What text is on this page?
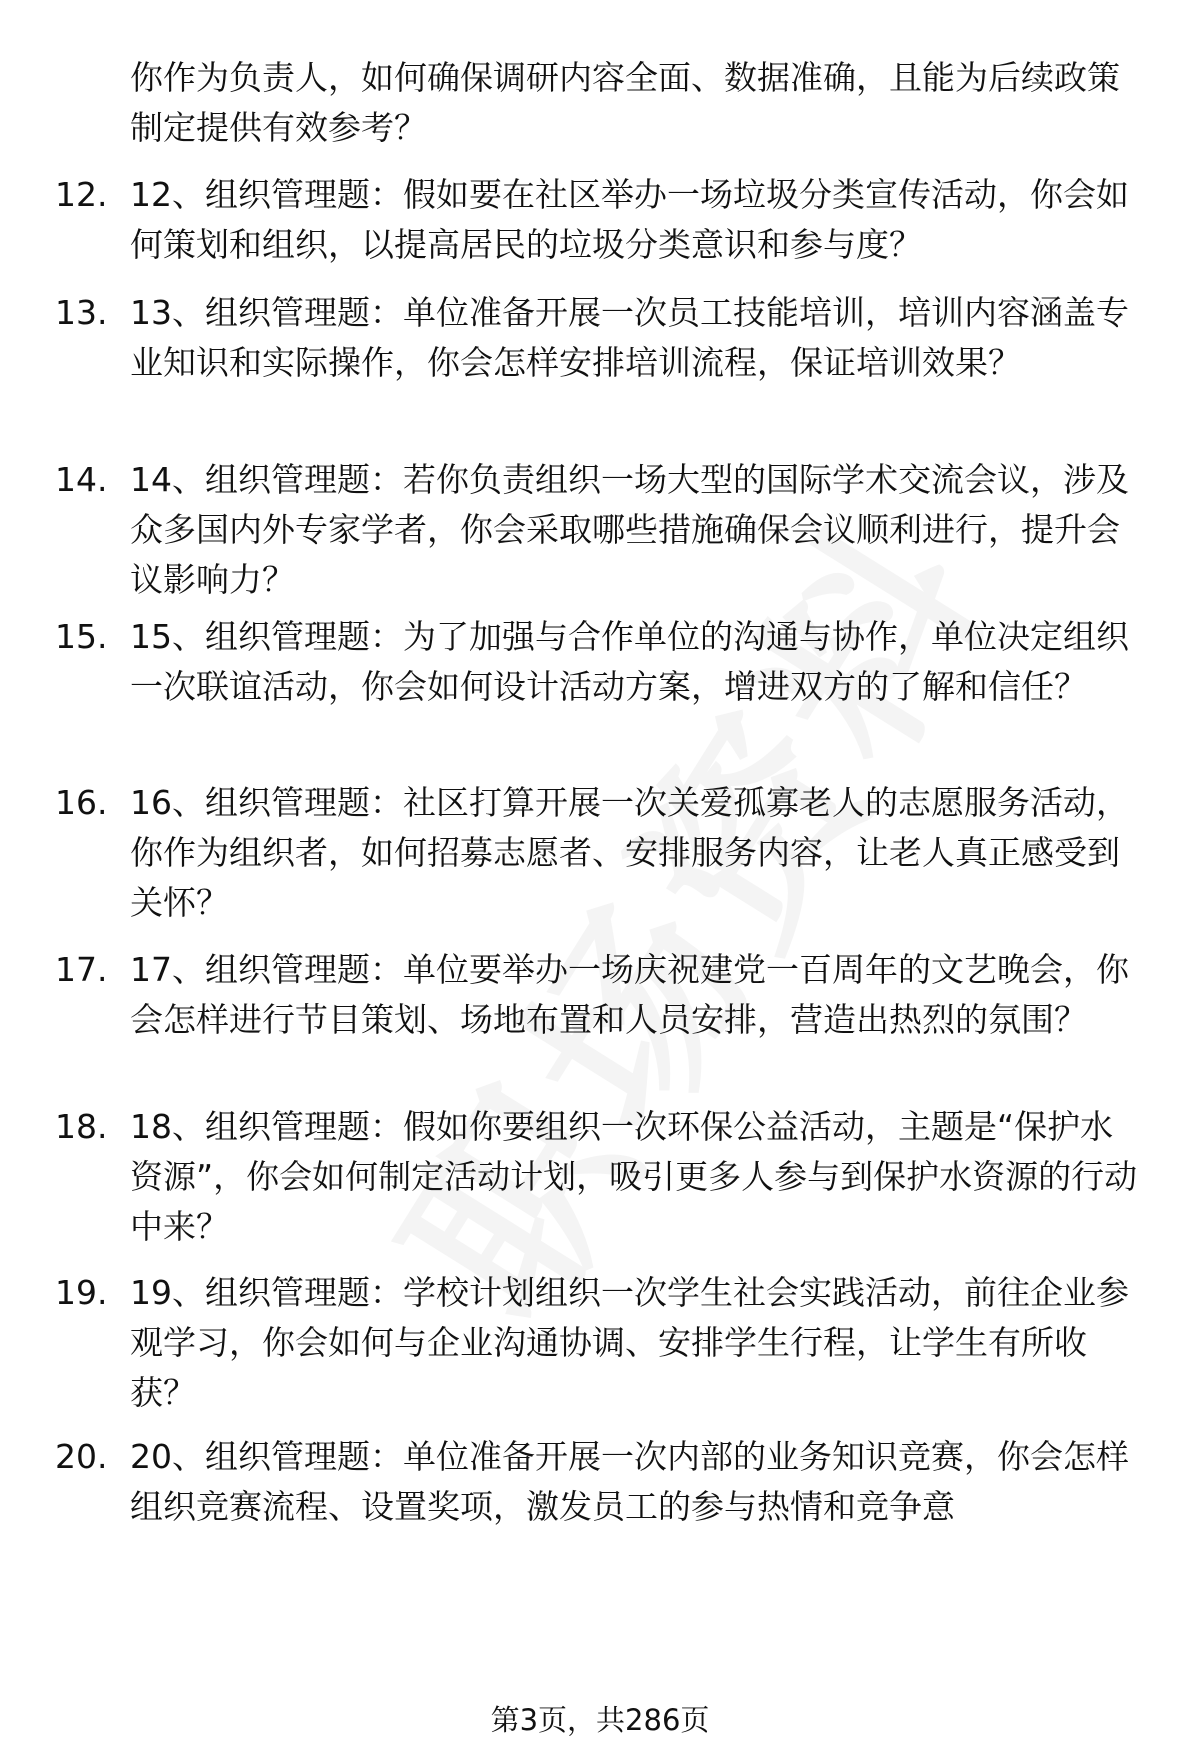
你作为负责人，如何确保调研内容全面、数据准确，且能为后续政策制定提供有效参考？
12. 12、组织管理题：假如要在社区举办一场垃圾分类宣传活动，你会如何策划和组织，以提高居民的垃圾分类意识和参与度？
13. 13、组织管理题：单位准备开展一次员工技能培训，培训内容涵盖专业知识和实际操作，你会怎样安排培训流程，保证培训效果？
14. 14、组织管理题：若你负责组织一场大型的国际学术交流会议，涉及众多国内外专家学者，你会采取哪些措施确保会议顺利进行，提升会议影响力？
15. 15、组织管理题：为了加强与合作单位的沟通与协作，单位决定组织一次联谊活动，你会如何设计活动方案，增进双方的了解和信任？
16. 16、组织管理题：社区打算开展一次关爱孤寡老人的志愿服务活动，你作为组织者，如何招募志愿者、安排服务内容，让老人真正感受到关怀？
17. 17、组织管理题：单位要举办一场庆祝建党一百周年的文艺晚会，你会怎样进行节目策划、场地布置和人员安排，营造出热烈的氛围？
18. 18、组织管理题：假如你要组织一次环保公益活动，主题是“保护水资源”，你会如何制定活动计划，吸引更多人参与到保护水资源的行动中来？
19. 19、组织管理题：学校计划组织一次学生社会实践活动，前往企业参观学习，你会如何与企业沟通协调、安排学生行程，让学生有所收获？
20. 20、组织管理题：单位准备开展一次内部的业务知识竞赛，你会怎样组织竞赛流程、设置奖项，激发员工的参与热情和竞争意
第3页，共286页
